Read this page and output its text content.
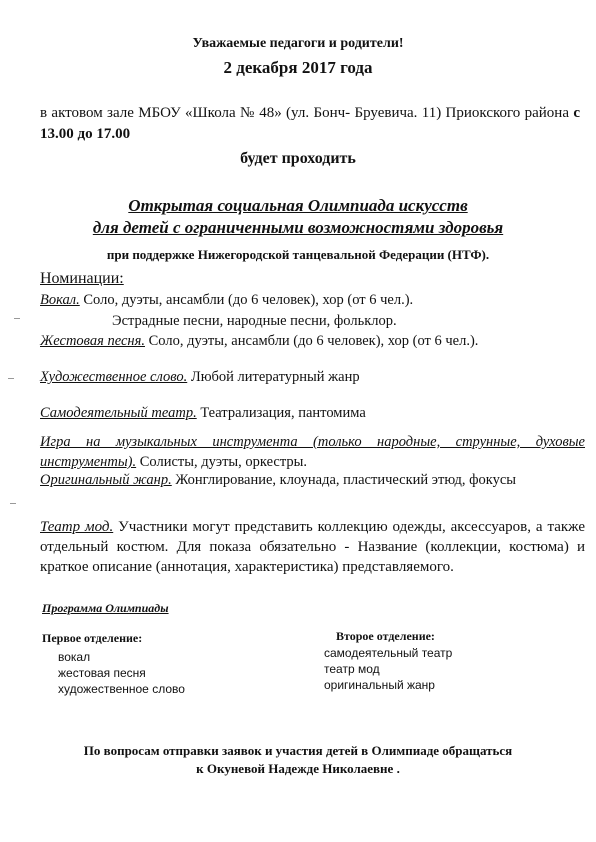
Уважаемые педагоги и родители!
2 декабря 2017 года
в актовом зале МБОУ «Школа № 48» (ул. Бонч- Бруевича. 11) Приокского района с 13.00 до 17.00
будет проходить
Открытая социальная Олимпиада искусств
для детей с ограниченными возможностями здоровья
при поддержке Нижегородской танцевальной Федерации (НТФ).
Номинации:
Вокал. Соло, дуэты, ансамбли (до 6 человек), хор (от 6 чел.).
Эстрадные песни, народные песни, фольклор.
Жестовая песня. Соло, дуэты, ансамбли (до 6 человек), хор (от 6 чел.).
Художественное слово. Любой литературный жанр
Самодеятельный театр. Театрализация, пантомима
Игра на музыкальных инструмента (только народные, струнные, духовые инструменты). Солисты, дуэты, оркестры.
Оригинальный жанр. Жонглирование, клоунада, пластический этюд, фокусы
Театр мод. Участники могут представить коллекцию одежды, аксессуаров, а также отдельный костюм. Для показа обязательно - Название (коллекции, костюма) и краткое описание (аннотация, характеристика) представляемого.
Программа Олимпиады
Первое отделение:
вокал
жестовая песня
художественное слово
Второе отделение:
самодеятельный театр
театр мод
оригинальный жанр
По вопросам отправки заявок и участия детей в Олимпиаде обращаться
к Окуневой Надежде Николаевне .
